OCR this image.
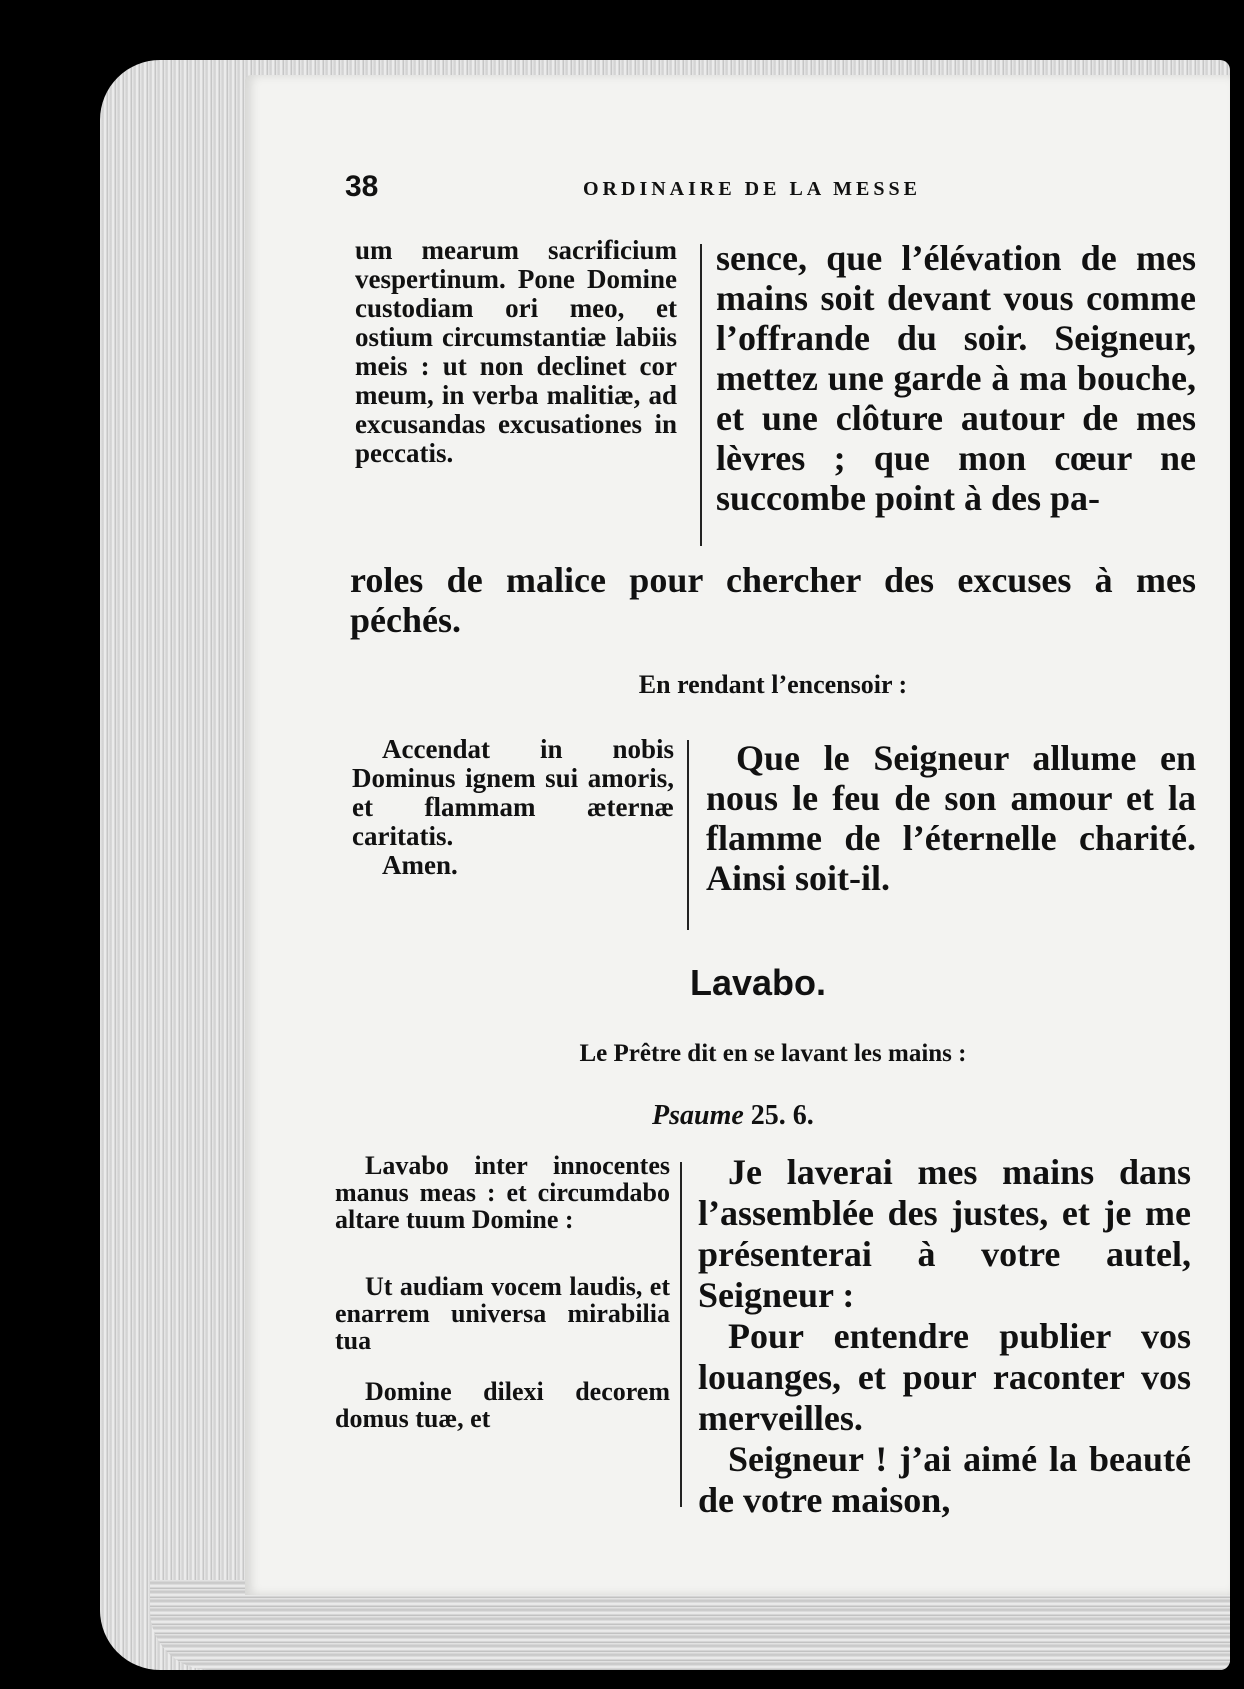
38	ORDINAIRE DE LA MESSE

um mearum sacrificium vespertinum. Pone Domine custodiam ori meo, et ostium circumstantiæ labiis meis : ut non declinet cor meum, in verba malitiæ, ad excusandas excusationes in peccatis.

sence, que l’élévation de mes mains soit devant vous comme l’offrande du soir. Seigneur, mettez une garde à ma bouche, et une clôture autour de mes lèvres ; que mon cœur ne succombe point à des pa-

roles de malice pour chercher des excuses à mes péchés.

En rendant l’encensoir :

Accendat in nobis Dominus ignem sui amoris, et flammam æternæ caritatis.

Amen.

Que le Seigneur allume en nous le feu de son amour et la flamme de l’éternelle charité. Ainsi soit-il.

Lavabo.
Le Prêtre dit en se lavant les mains :
Psaume 25. 6.

Lavabo inter innocentes manus meas : et circumdabo altare tuum Domine :

Ut audiam vocem laudis, et enarrem universa mirabilia tua

Domine dilexi decorem domus tuæ, et

Je laverai mes mains dans l’assemblée des justes, et je me présenterai à votre autel, Seigneur :

Pour entendre publier vos louanges, et pour raconter vos merveilles.

Seigneur ! j’ai aimé la beauté de votre maison,
